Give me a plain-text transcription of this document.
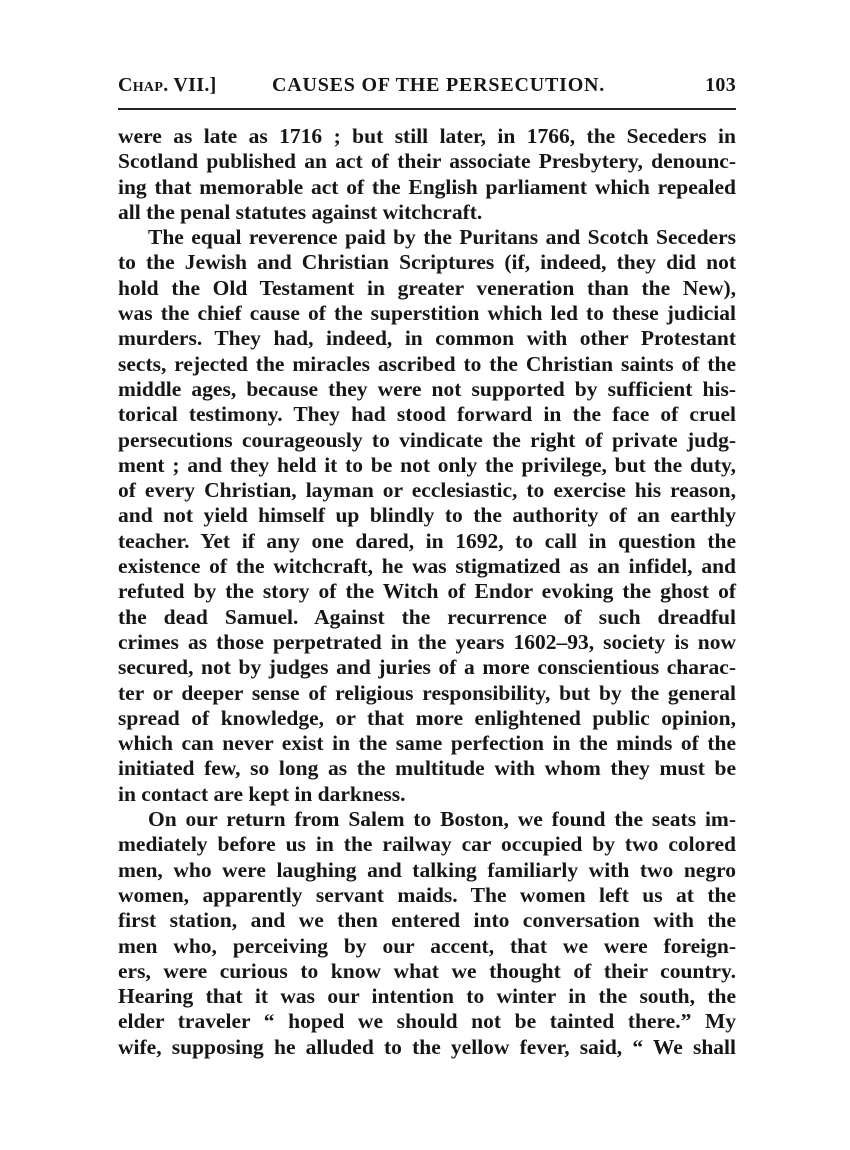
Chap. VII.]	CAUSES OF THE PERSECUTION.	103
were as late as 1716 ; but still later, in 1766, the Seceders in
Scotland published an act of their associate Presbytery, denounc-
ing that memorable act of the English parliament which repealed
all the penal statutes against witchcraft.
The equal reverence paid by the Puritans and Scotch Seceders
to the Jewish and Christian Scriptures (if, indeed, they did not
hold the Old Testament in greater veneration than the New),
was the chief cause of the superstition which led to these judicial
murders. They had, indeed, in common with other Protestant
sects, rejected the miracles ascribed to the Christian saints of the
middle ages, because they were not supported by sufficient his-
torical testimony. They had stood forward in the face of cruel
persecutions courageously to vindicate the right of private judg-
ment ; and they held it to be not only the privilege, but the duty,
of every Christian, layman or ecclesiastic, to exercise his reason,
and not yield himself up blindly to the authority of an earthly
teacher. Yet if any one dared, in 1692, to call in question the
existence of the witchcraft, he was stigmatized as an infidel, and
refuted by the story of the Witch of Endor evoking the ghost of
the dead Samuel. Against the recurrence of such dreadful
crimes as those perpetrated in the years 1602–93, society is now
secured, not by judges and juries of a more conscientious charac-
ter or deeper sense of religious responsibility, but by the general
spread of knowledge, or that more enlightened public opinion,
which can never exist in the same perfection in the minds of the
initiated few, so long as the multitude with whom they must be
in contact are kept in darkness.
On our return from Salem to Boston, we found the seats im-
mediately before us in the railway car occupied by two colored
men, who were laughing and talking familiarly with two negro
women, apparently servant maids. The women left us at the
first station, and we then entered into conversation with the
men who, perceiving by our accent, that we were foreign-
ers, were curious to know what we thought of their country.
Hearing that it was our intention to winter in the south, the
elder traveler “ hoped we should not be tainted there.” My
wife, supposing he alluded to the yellow fever, said, “ We shall
